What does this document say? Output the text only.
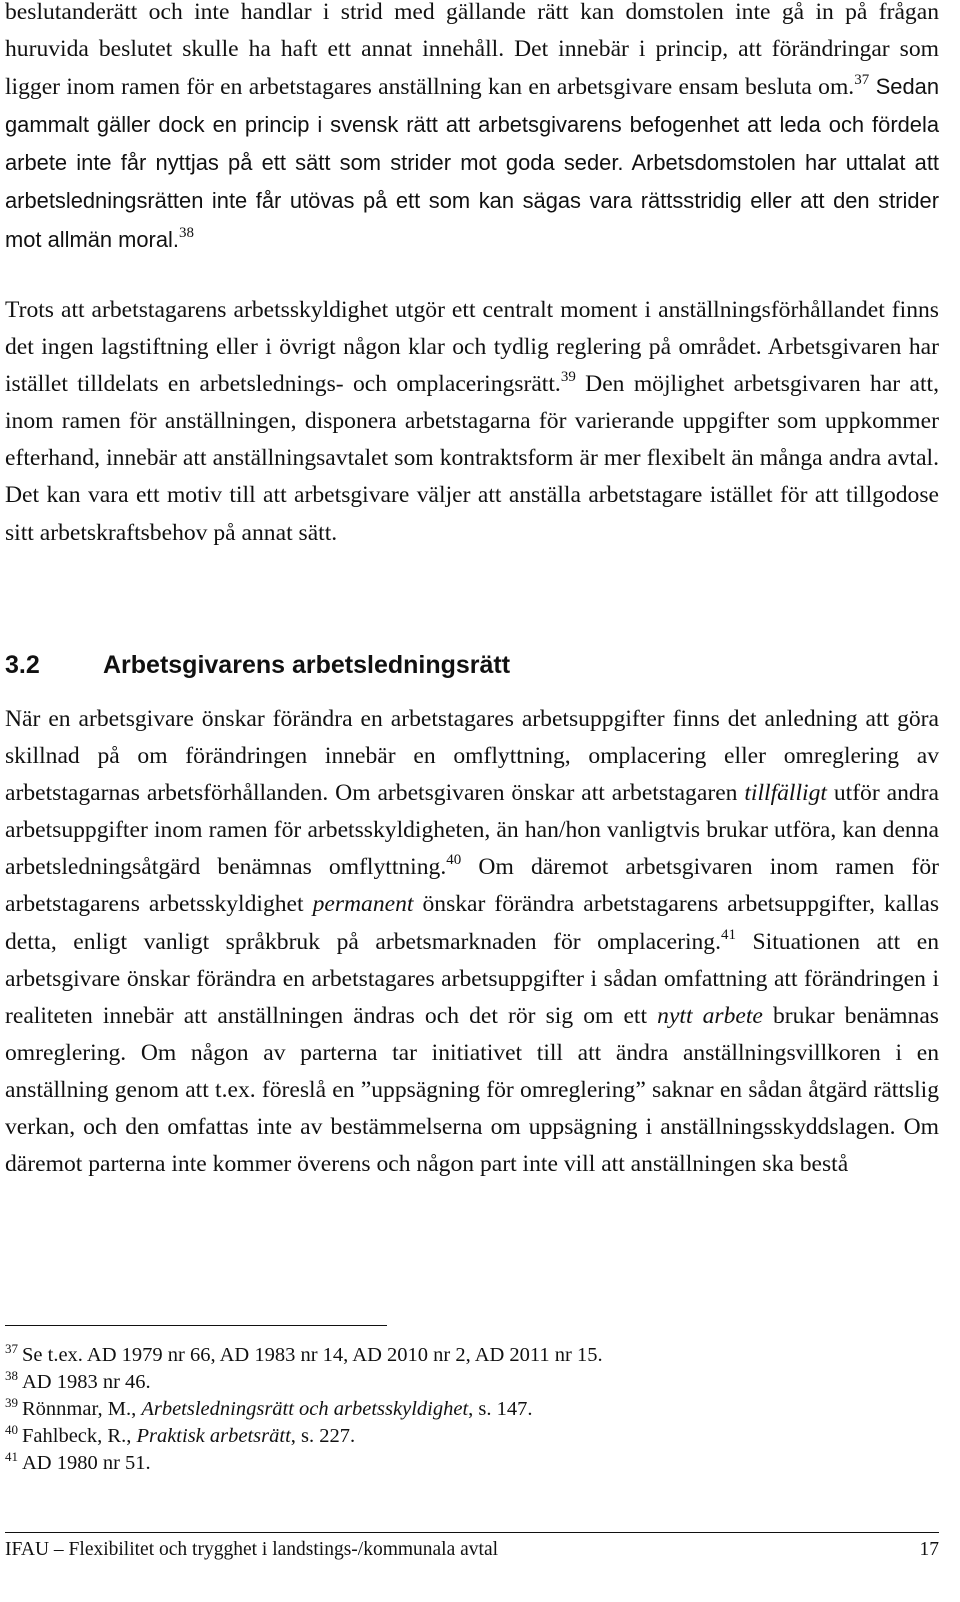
beslutanderätt och inte handlar i strid med gällande rätt kan domstolen inte gå in på frågan huruvida beslutet skulle ha haft ett annat innehåll. Det innebär i princip, att förändringar som ligger inom ramen för en arbetstagares anställning kan en arbetsgivare ensam besluta om.$^{37}$ Sedan gammalt gäller dock en princip i svensk rätt att arbetsgivarens befogenhet att leda och fördela arbete inte får nyttjas på ett sätt som strider mot goda seder. Arbetsdomstolen har uttalat att arbetsledningsrätten inte får utövas på ett som kan sägas vara rättsstridig eller att den strider mot allmän moral.$^{38}$
Trots att arbetstagarens arbetsskyldighet utgör ett centralt moment i anställningsförhållandet finns det ingen lagstiftning eller i övrigt någon klar och tydlig reglering på området. Arbetsgivaren har istället tilldelats en arbetslednings- och omplaceringsrätt.$^{39}$ Den möjlighet arbetsgivaren har att, inom ramen för anställningen, disponera arbetstagarna för varierande uppgifter som uppkommer efterhand, innebär att anställningsavtalet som kontraktsform är mer flexibelt än många andra avtal. Det kan vara ett motiv till att arbetsgivare väljer att anställa arbetstagare istället för att tillgodose sitt arbetskraftsbehov på annat sätt.
3.2	Arbetsgivarens arbetsledningsrätt
När en arbetsgivare önskar förändra en arbetstagares arbetsuppgifter finns det anledning att göra skillnad på om förändringen innebär en omflyttning, omplacering eller omreglering av arbetstagarnas arbetsförhållanden. Om arbetsgivaren önskar att arbetstagaren tillfälligt utför andra arbetsuppgifter inom ramen för arbetsskyldigheten, än han/hon vanligtvis brukar utföra, kan denna arbetsledningsåtgärd benämnas omflyttning.$^{40}$ Om däremot arbetsgivaren inom ramen för arbetstagarens arbetsskyldighet permanent önskar förändra arbetstagarens arbetsuppgifter, kallas detta, enligt vanligt språkbruk på arbetsmarknaden för omplacering.$^{41}$ Situationen att en arbetsgivare önskar förändra en arbetstagares arbetsuppgifter i sådan omfattning att förändringen i realiteten innebär att anställningen ändras och det rör sig om ett nytt arbete brukar benämnas omreglering. Om någon av parterna tar initiativet till att ändra anställningsvillkoren i en anställning genom att t.ex. föreslå en ”uppsägning för omreglering” saknar en sådan åtgärd rättslig verkan, och den omfattas inte av bestämmelserna om uppsägning i anställningsskyddslagen. Om däremot parterna inte kommer överens och någon part inte vill att anställningen ska bestå
$^{37}$ Se t.ex. AD 1979 nr 66, AD 1983 nr 14, AD 2010 nr 2, AD 2011 nr 15.
$^{38}$ AD 1983 nr 46.
$^{39}$ Rönnmar, M., Arbetsledningsrätt och arbetsskyldighet, s. 147.
$^{40}$ Fahlbeck, R., Praktisk arbetsrätt, s. 227.
$^{41}$ AD 1980 nr 51.
IFAU – Flexibilitet och trygghet i landstings-/kommunala avtal	17
